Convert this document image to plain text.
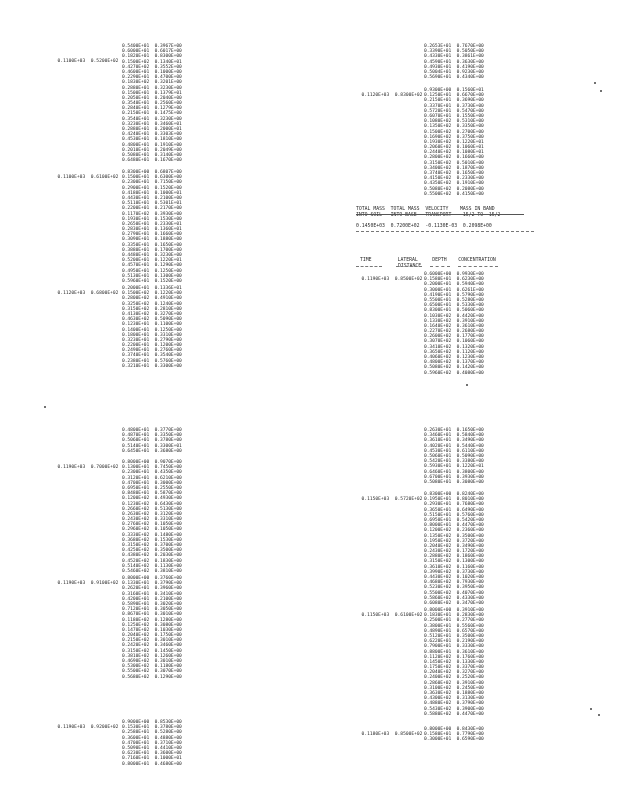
0.5400E+01 0.3967E+00
0.6000E+01 0.6017E+00
0.1820E+01 0.8300E+00
0.1500E+02 0.1340E+01
0.4270E+02 0.3552E+00
0.4600E+01 0.1000E+00
0.2290E+01 0.4700E+00
0.1830E+02 0.3201E+00
0.2880E+01 0.3230E+00
0.1500E+01 0.1379E+01
0.2050E+01 0.2040E+00
0.3540E+01 0.2560E+00
0.2840E+01 0.1279E+00
0.2150E+01 0.1475E+00
0.3540E+01 0.3230E+00
0.3230E+01 0.3460E+01
0.2880E+01 0.2000E+01
0.4240E+01 0.3303E+00
0.4530E+01 0.1810E+00
0.4800E+01 0.1910E+00
0.2010E+01 0.2049E+00
0.5080E+01 0.3140E+00
0.6480E+01 0.1670E+00

0.1100E+03 0.5200E+02

0.8300E+00 0.6807E+00
0.1500E+01 0.6300E+00
0.2300E+01 0.7150E+00
0.2900E+01 0.1520E+00
0.4180E+01 0.1000E+01
0.4430E+01 0.2100E+00
0.5110E+01 0.5301E+01
0.2200E+01 0.2170E+00
0.1170E+02 0.3930E+00
0.1930E+01 0.1530E+00
0.2650E+01 0.2330E+01
0.2830E+01 0.1360E+01
0.2790E+01 0.1660E+00
0.3090E+01 0.1880E+00
0.3350E+01 0.1650E+00
0.3880E+01 0.1700E+00
0.4480E+01 0.3230E+00
0.5200E+01 0.1220E+01
0.4570E+01 0.1290E+00
0.4950E+01 0.1250E+00
0.5130E+01 0.1300E+00
0.5960E+01 0.1520E+00

0.1100E+03 0.6100E+02

0.2000E+01 0.1336E+01
0.1500E+02 0.1220E+00
0.2800E+02 0.4910E+00
0.3250E+02 0.1240E+00
0.3150E+02 0.2810E+00
0.4130E+02 0.3270E+00
0.4630E+02 0.5090E+00
0.1230E+01 0.1100E+00
0.1400E+01 0.1250E+00
0.1800E+01 0.3310E+00
0.3230E+01 0.2790E+00
0.2200E+01 0.1200E+00
0.2490E+01 0.2760E+00
0.3740E+01 0.3540E+00
0.2380E+01 0.5760E+00
0.3210E+01 0.3300E+00

0.1120E+03 0.6800E+02

0.2653E+01 0.7670E+00
0.3390E+01 0.5050E+00
0.4330E+01 0.3861E+00
0.4590E+01 0.3630E+00
0.4930E+01 0.4190E+00
0.5004E+01 0.9230E+00
0.5690E+01 0.4340E+00
0.9300E+00 0.1560E+01
0.1250E+01 0.6670E+00
0.2150E+01 0.3690E+00
0.3370E+01 0.3730E+00
0.5720E+01 0.5470E+00
0.6070E+01 0.1550E+00
0.1080E+02 0.5310E+00
0.1350E+02 0.3350E+00
0.1500E+02 0.2700E+00
0.1690E+02 0.3750E+00
0.1930E+02 0.1220E+01
0.2060E+02 0.1060E+01
0.2440E+02 0.1080E+01
0.2800E+02 0.1660E+00
0.3150E+02 0.5010E+00
0.3400E+02 0.1870E+00
0.3740E+02 0.1650E+00
0.4150E+02 0.2330E+00
0.4350E+02 0.1910E+00
0.5080E+02 0.2080E+00
0.5500E+02 0.4150E+00

0.1120E+03 0.8300E+02

TOTAL MASS TOTAL MASS VELOCITY MASS IN BAND

INTO SOIL INTO BASE TRANSPORT -15/2 TO  15/2

0.1450E+03 0.7200E+02 -0.1130E-03 0.2098E+00

TIME	LATERAL	DEPTH CONCENTRATION

DISTANCE

0.6000E+00 0.9930E+00
0.1580E+01 0.6230E+00
0.2000E+01 0.5940E+00
0.3000E+01 0.6261E+00
0.4190E+01 0.5790E+00
0.5500E+01 0.5280E+00
0.6500E+01 0.5330E+00
0.8300E+01 0.5060E+00
0.1030E+02 0.4420E+00
0.1330E+02 0.3910E+00
0.1640E+02 0.3610E+00
0.2270E+02 0.2680E+00
0.2600E+02 0.1770E+00
0.3070E+02 0.1060E+00
0.3410E+02 0.1320E+00
0.3650E+02 0.1120E+00
0.4060E+02 0.1230E+00
0.4800E+02 0.1370E+00
0.5080E+02 0.1420E+00
0.5960E+02 0.4080E+00

0.1190E+03 0.8500E+02

0.4800E+01 0.3770E+00
0.4870E+01 0.3350E+00
0.5060E+01 0.3780E+00
0.5140E+01 0.3300E+01
0.6450E+01 0.3680E+00
0.8000E+00 0.9070E+00
0.1300E+01 0.7450E+00
0.2300E+01 0.4350E+00
0.3120E+01 0.6210E+00
0.4700E+01 0.3000E+00
0.6950E+01 0.2550E+00
0.8480E+01 0.5870E+00
0.1200E+02 0.4930E+00
0.1230E+02 0.6430E+00
0.2660E+02 0.5130E+00
0.2630E+02 0.3120E+00
0.2430E+02 0.3310E+00
0.2760E+02 0.1050E+00
0.2960E+02 0.1050E+00
0.3330E+02 0.1480E+00
0.3680E+02 0.1530E+00
0.3150E+02 0.3700E+00
0.4250E+02 0.3500E+00
0.4380E+02 0.2030E+00
0.4520E+02 0.1830E+00
0.5140E+02 0.1130E+00
0.5460E+02 0.3810E+00

0.1190E+03 0.7000E+02

0.8000E+00 0.3760E+00
0.1330E+01 0.3790E+00
0.2620E+01 0.3960E+00
0.3160E+01 0.3410E+00
0.4200E+01 0.2100E+00
0.5890E+01 0.3020E+00
0.7120E+01 0.3050E+00
0.8670E+01 0.3010E+00
0.1180E+02 0.1280E+00
0.1250E+02 0.3080E+00
0.1470E+02 0.1030E+00
0.2040E+02 0.1750E+00
0.2150E+02 0.3010E+00
0.2420E+02 0.3460E+00
0.3150E+02 0.1450E+00
0.3810E+02 0.1260E+00
0.4690E+02 0.3010E+00
0.5300E+02 0.1180E+00
0.5500E+02 0.3070E+00
0.5680E+02 0.1290E+00

0.1190E+03 0.9100E+02

0.9000E+00 0.8530E+00
0.1530E+01 0.3780E+00
0.2580E+01 0.5280E+00
0.3600E+01 0.4880E+00
0.4700E+01 0.3710E+00
0.5090E+01 0.4410E+00
0.6230E+01 0.3600E+00
0.7160E+01 0.1000E+01
0.8000E+01 0.4680E+00

0.1190E+03 0.9200E+02

0.2630E+01 0.1650E+00
0.3460E+01 0.5840E+00
0.3610E+01 0.3490E+00
0.4020E+01 0.5440E+00
0.4530E+01 0.6110E+00
0.5060E+01 0.5090E+00
0.5420E+01 0.3380E+00
0.5930E+01 0.1220E+01
0.6460E+01 0.3800E+00
0.6700E+01 0.3930E+00
0.5080E+01 0.3080E+00
0.8300E+00 0.8240E+00
0.1950E+01 0.8010E+00
0.2930E+01 0.7680E+00
0.3650E+01 0.6490E+00
0.5150E+01 0.5760E+00
0.6950E+01 0.5420E+00
0.8000E+01 0.4470E+00
0.1200E+02 0.2360E+00
0.1350E+02 0.3500E+00
0.1950E+02 0.3720E+00
0.2040E+02 0.3490E+00
0.2430E+02 0.1720E+00
0.2880E+02 0.1860E+00
0.3150E+02 0.1300E+00
0.3610E+02 0.1160E+00
0.3990E+02 0.3730E+00
0.4430E+02 0.1020E+00
0.4680E+02 0.7930E+00
0.5230E+02 0.3950E+00
0.5500E+02 0.4070E+00
0.5860E+02 0.4330E+00
0.6080E+02 0.3470E+00

0.1150E+03 0.5720E+02

0.8000E+00 0.3910E+00
0.1830E+01 0.2830E+00
0.2500E+01 0.2770E+00
0.3800E+01 0.5560E+00
0.4890E+01 0.6570E+00
0.5120E+01 0.3500E+00
0.6220E+01 0.2190E+00
0.7900E+01 0.3330E+00
0.8800E+01 0.3610E+00
0.1120E+02 0.1760E+00
0.1450E+02 0.1330E+00
0.1750E+02 0.3370E+00
0.2040E+02 0.3270E+00
0.2400E+02 0.2520E+00
0.2860E+02 0.3910E+00
0.3100E+02 0.2450E+00
0.3630E+02 0.1880E+00
0.4300E+02 0.3130E+00
0.4880E+02 0.3790E+00
0.5430E+02 0.3900E+00
0.5880E+02 0.4470E+00

0.1150E+03 0.6100E+02

0.8000E+00 0.8430E+00
0.1580E+01 0.7790E+00
0.3000E+01 0.6590E+00

0.1180E+03 0.8500E+02
